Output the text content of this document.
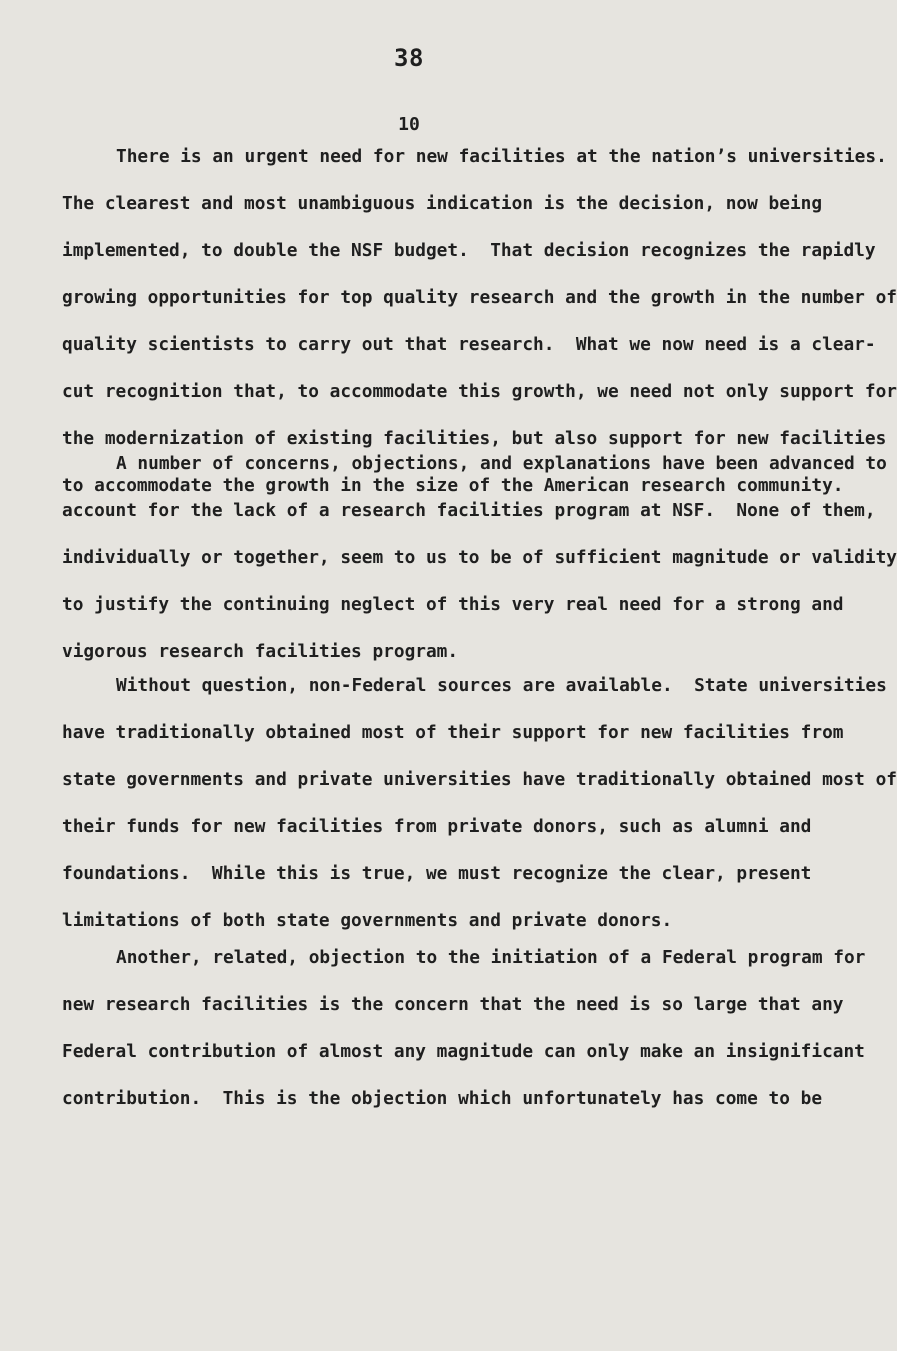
38
10
There is an urgent need for new facilities at the nation’s universities.
The clearest and most unambiguous indication is the decision, now being
implemented, to double the NSF budget.  That decision recognizes the rapidly
growing opportunities for top quality research and the growth in the number of
quality scientists to carry out that research.  What we now need is a clear-
cut recognition that, to accommodate this growth, we need not only support for
the modernization of existing facilities, but also support for new facilities
to accommodate the growth in the size of the American research community.
A number of concerns, objections, and explanations have been advanced to
account for the lack of a research facilities program at NSF.  None of them,
individually or together, seem to us to be of sufficient magnitude or validity
to justify the continuing neglect of this very real need for a strong and
vigorous research facilities program.
Without question, non-Federal sources are available.  State universities
have traditionally obtained most of their support for new facilities from
state governments and private universities have traditionally obtained most of
their funds for new facilities from private donors, such as alumni and
foundations.  While this is true, we must recognize the clear, present
limitations of both state governments and private donors.
Another, related, objection to the initiation of a Federal program for
new research facilities is the concern that the need is so large that any
Federal contribution of almost any magnitude can only make an insignificant
contribution.  This is the objection which unfortunately has come to be
